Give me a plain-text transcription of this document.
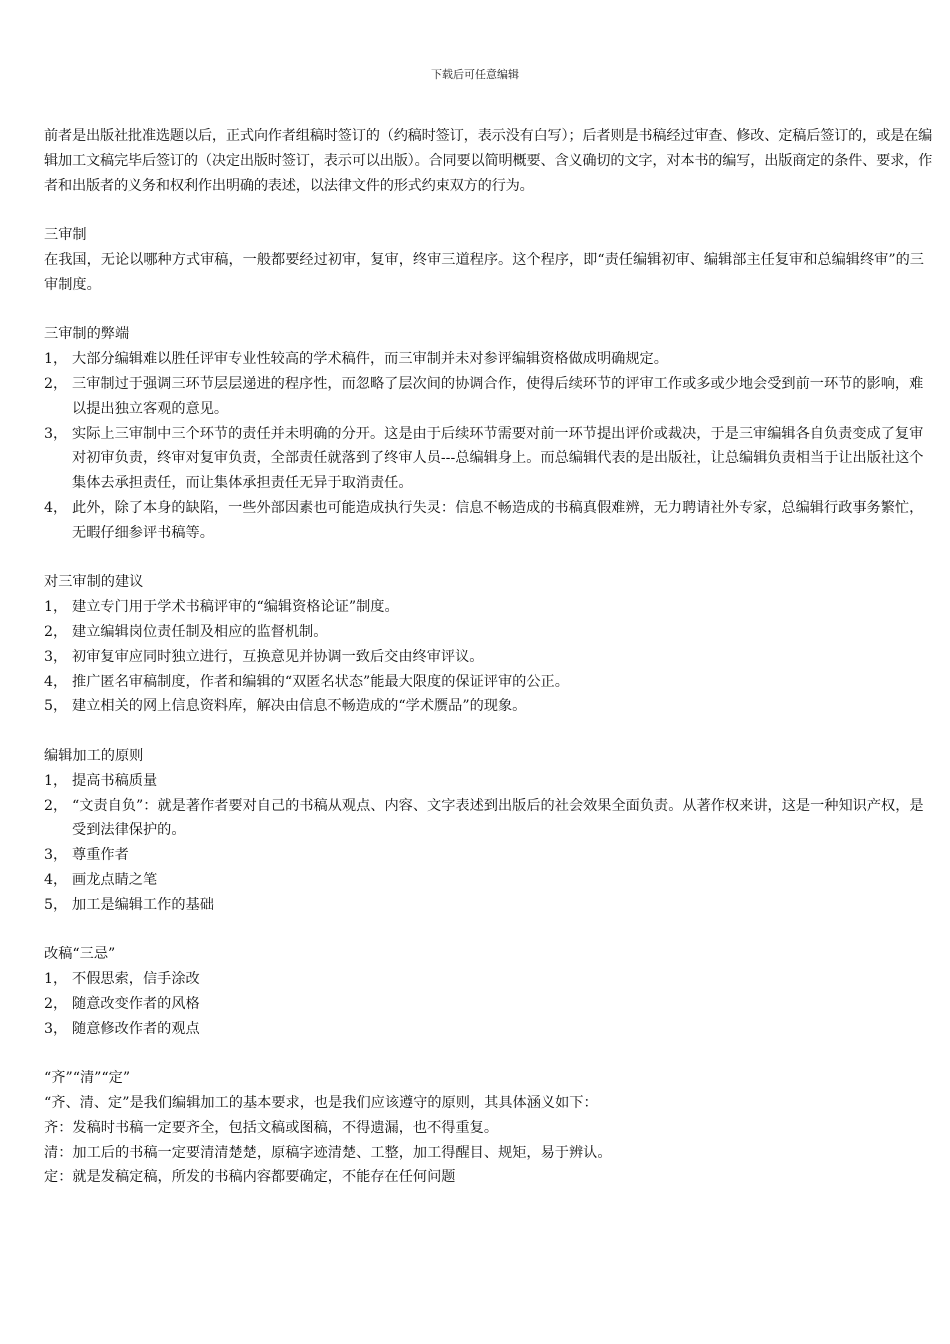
下载后可任意编辑

前者是出版社批准选题以后，正式向作者组稿时签订的（约稿时签订，表示没有白写）；后者则是书稿经过审查、修改、定稿后签订的，或是在编辑加工文稿完毕后签订的（决定出版时签订，表示可以出版）。合同要以简明概要、含义确切的文字，对本书的编写，出版商定的条件、要求，作者和出版者的义务和权利作出明确的表述，以法律文件的形式约束双方的行为。

三审制

在我国，无论以哪种方式审稿，一般都要经过初审，复审，终审三道程序。这个程序，即“责任编辑初审、编辑部主任复审和总编辑终审”的三审制度。

三审制的弊端

1， 大部分编辑难以胜任评审专业性较高的学术稿件，而三审制并未对参评编辑资格做成明确规定。
2， 三审制过于强调三环节层层递进的程序性，而忽略了层次间的协调合作，使得后续环节的评审工作或多或少地会受到前一环节的影响，难以提出独立客观的意见。
3， 实际上三审制中三个环节的责任并未明确的分开。这是由于后续环节需要对前一环节提出评价或裁决，于是三审编辑各自负责变成了复审对初审负责，终审对复审负责，全部责任就落到了终审人员---总编辑身上。而总编辑代表的是出版社，让总编辑负责相当于让出版社这个集体去承担责任，而让集体承担责任无异于取消责任。
4， 此外，除了本身的缺陷，一些外部因素也可能造成执行失灵：信息不畅造成的书稿真假难辨，无力聘请社外专家，总编辑行政事务繁忙，无暇仔细参评书稿等。

对三审制的建议

1， 建立专门用于学术书稿评审的“编辑资格论证”制度。
2， 建立编辑岗位责任制及相应的监督机制。
3， 初审复审应同时独立进行，互换意见并协调一致后交由终审评议。
4， 推广匿名审稿制度，作者和编辑的“双匿名状态”能最大限度的保证评审的公正。
5， 建立相关的网上信息资料库，解决由信息不畅造成的“学术赝品”的现象。

编辑加工的原则

1， 提高书稿质量
2， “文责自负”：就是著作者要对自己的书稿从观点、内容、文字表述到出版后的社会效果全面负责。从著作权来讲，这是一种知识产权，是受到法律保护的。
3， 尊重作者
4， 画龙点睛之笔
5， 加工是编辑工作的基础

改稿“三忌”

1， 不假思索，信手涂改
2， 随意改变作者的风格
3， 随意修改作者的观点

“齐”“清”“定”

“齐、清、定”是我们编辑加工的基本要求，也是我们应该遵守的原则，其具体涵义如下：

齐：发稿时书稿一定要齐全，包括文稿或图稿，不得遗漏，也不得重复。

清：加工后的书稿一定要清清楚楚，原稿字迹清楚、工整，加工得醒目、规矩，易于辨认。

定：就是发稿定稿，所发的书稿内容都要确定，不能存在任何问题
